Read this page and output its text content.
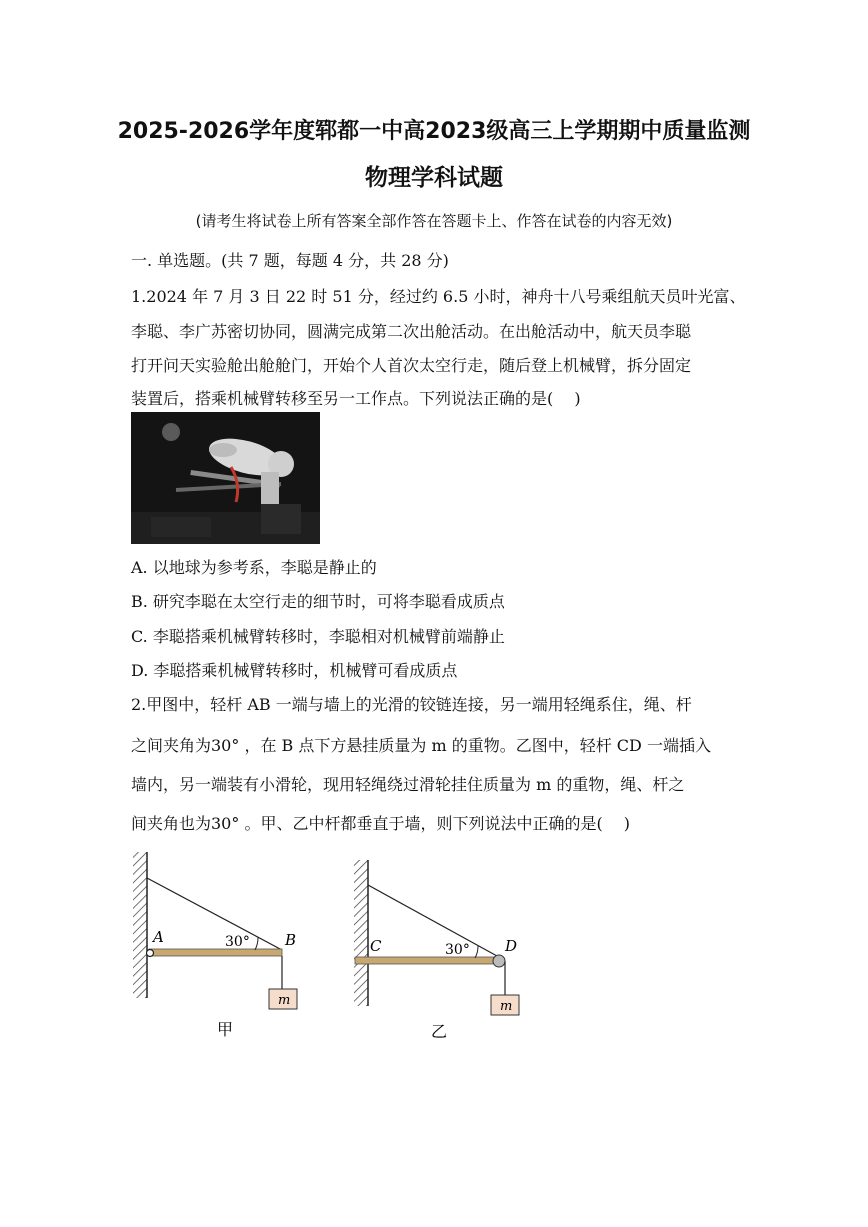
2025-2026学年度郓都一中高2023级高三上学期期中质量监测
物理学科试题
(请考生将试卷上所有答案全部作答在答题卡上、作答在试卷的内容无效)
一. 单选题。(共 7 题，每题 4 分，共 28 分)
1.2024 年 7 月 3 日 22 时 51 分，经过约 6.5 小时，神舟十八号乘组航天员叶光富、
李聪、李广苏密切协同，圆满完成第二次出舱活动。在出舱活动中，航天员李聪
打开问天实验舱出舱舱门，开始个人首次太空行走，随后登上机械臂，拆分固定
装置后，搭乘机械臂转移至另一工作点。下列说法正确的是(　 )
A. 以地球为参考系，李聪是静止的
B. 研究李聪在太空行走的细节时，可将李聪看成质点
C. 李聪搭乘机械臂转移时，李聪相对机械臂前端静止
D. 李聪搭乘机械臂转移时，机械臂可看成质点
2.甲图中，轻杆 AB 一端与墙上的光滑的铰链连接，另一端用轻绳系住，绳、杆
之间夹角为30° ，在 B 点下方悬挂质量为 m 的重物。乙图中，轻杆 CD 一端插入
墙内，另一端装有小滑轮，现用轻绳绕过滑轮挂住质量为 m 的重物，绳、杆之
间夹角也为30° 。甲、乙中杆都垂直于墙，则下列说法中正确的是(　 )
A	B
30°
m
甲
C	D
30°
m
乙
